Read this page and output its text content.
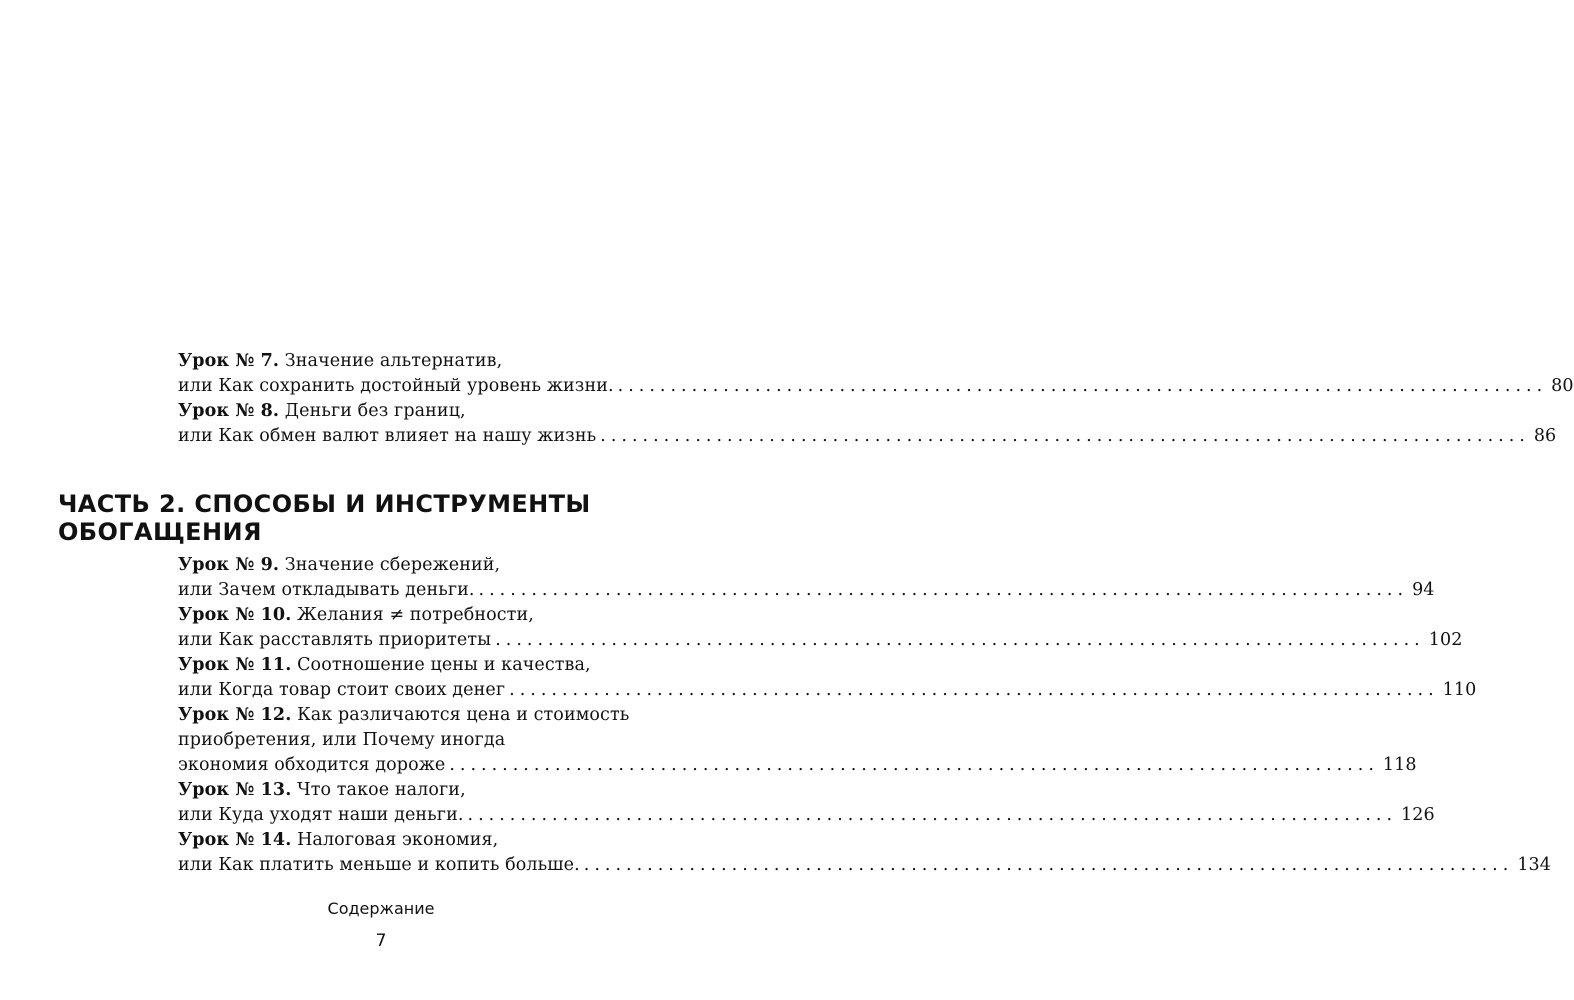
Урок № 7. Значение альтернатив,
или Как сохранить достойный уровень жизни. ........................................................................................ 80
Урок № 8. Деньги без границ,
или Как обмен валют влияет на нашу жизнь ........................................................................................ 86
ЧАСТЬ 2. СПОСОБЫ И ИНСТРУМЕНТЫ
ОБОГАЩЕНИЯ
Урок № 9. Значение сбережений,
или Зачем откладывать деньги. ........................................................................................ 94
Урок № 10. Желания ≠ потребности,
или Как расставлять приоритеты ........................................................................................ 102
Урок № 11. Соотношение цены и качества,
или Когда товар стоит своих денег ........................................................................................ 110
Урок № 12. Как различаются цена и стоимость
приобретения, или Почему иногда
экономия обходится дороже ........................................................................................ 118
Урок № 13. Что такое налоги,
или Куда уходят наши деньги. ........................................................................................ 126
Урок № 14. Налоговая экономия,
или Как платить меньше и копить больше. ........................................................................................ 134
Содержание
7
